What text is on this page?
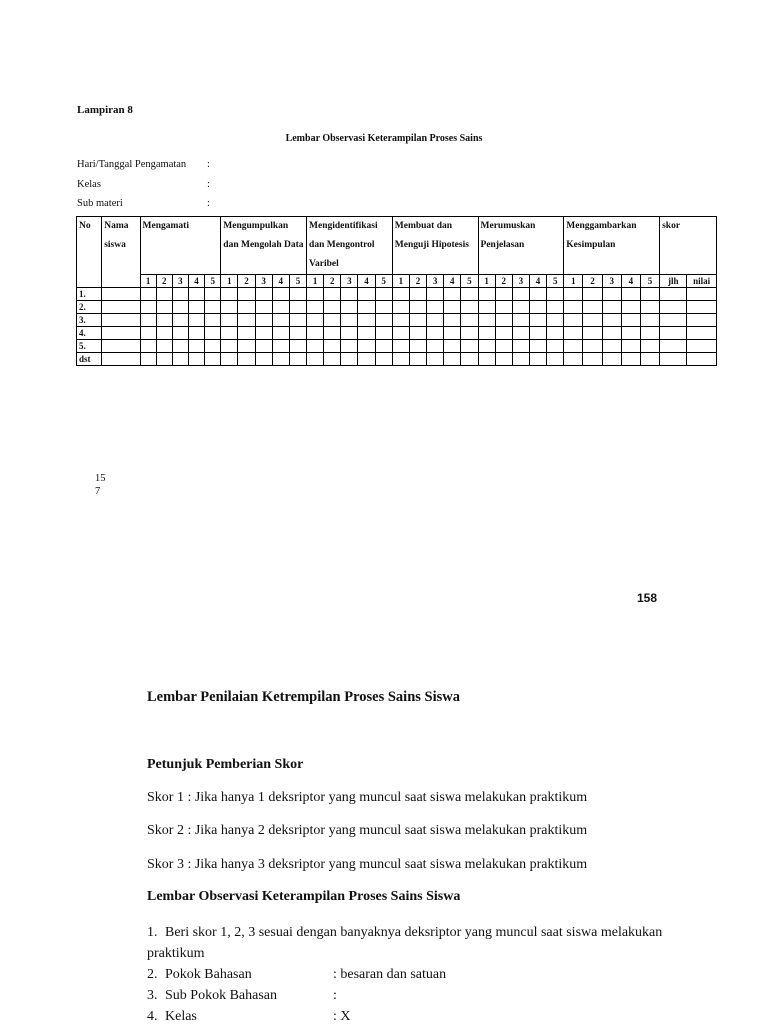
Lampiran 8
Lembar Observasi Keterampilan Proses Sains
Hari/Tanggal Pengamatan :
Kelas	:
Sub materi	:
No	Nama siswa	Mengamati					Mengumpulkan dan Mengolah Data					Mengidentifikasi dan Mengontrol Varibel					Membuat dan Menguji Hipotesis					Merumuskan Penjelasan					Menggambarkan Kesimpulan					skor	
		1	2	3	4	5	1	2	3	4	5	1	2	3	4	5	1	2	3	4	5	1	2	3	4	5	1	2	3	4	5	jlh	nilai
1.																																	
2.																																	
3.																																	
4.																																	
5.																																	
dst																																	
15
7
158
Lembar Penilaian Ketrempilan Proses Sains Siswa
Petunjuk Pemberian Skor
Skor 1 : Jika hanya 1 deksriptor yang muncul saat siswa melakukan praktikum
Skor 2 : Jika hanya 2 deksriptor yang muncul saat siswa melakukan praktikum
Skor 3 : Jika hanya 3 deksriptor yang muncul saat siswa melakukan praktikum
Lembar Observasi Keterampilan Proses Sains Siswa
1. Beri skor 1, 2, 3 sesuai dengan banyaknya deksriptor yang muncul saat siswa melakukan praktikum
2. Pokok Bahasan	: besaran dan satuan
3. Sub Pokok Bahasan	:
4. Kelas	: X
